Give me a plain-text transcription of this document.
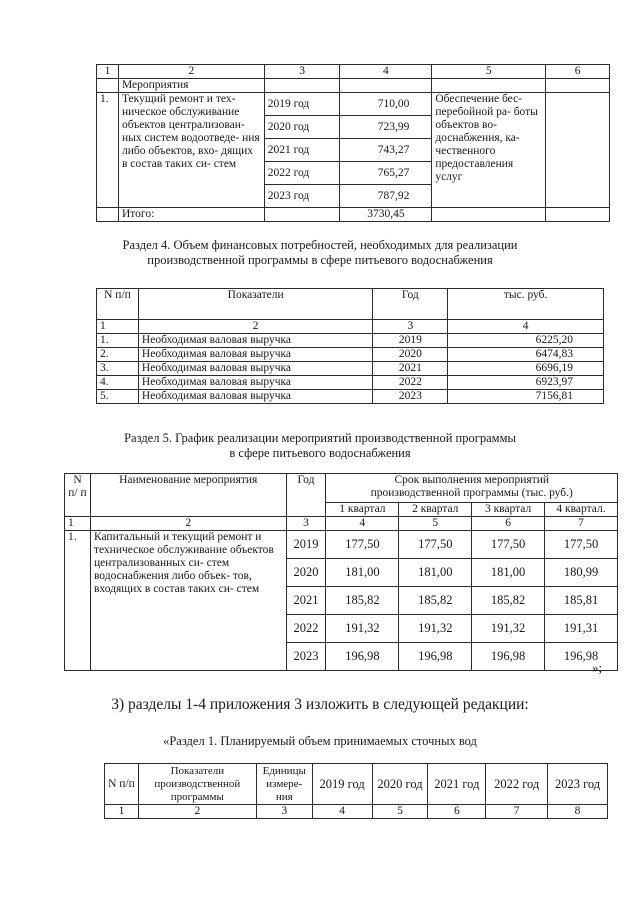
1	2	3	4	5	6
	Мероприятия				
1.	Текущий ремонт и тех- ническое обслуживание объектов централизован- ных систем водоотведе- ния либо объектов, вхо- дящих в состав таких си- стем	2019 год	710,00	Обеспечение бес- перебойной ра- боты объектов во- доснабжения, ка- чественного предоставления услуг	
		2020 год	723,99		
		2021 год	743,27		
		2022 год	765,27		
		2023 год	787,92		
	Итого:		3730,45		
Раздел 4. Объем финансовых потребностей, необходимых для реализации
производственной программы в сфере питьевого водоснабжения
N п/п	Показатели	Год	тыс. руб.
1	2	3	4
1.	Необходимая валовая выручка	2019	6225,20
2.	Необходимая валовая выручка	2020	6474,83
3.	Необходимая валовая выручка	2021	6696,19
4.	Необходимая валовая выручка	2022	6923,97
5.	Необходимая валовая выручка	2023	7156,81
Раздел 5. График реализации мероприятий производственной программы
в сфере питьевого водоснабжения
N п/ п	Наименование мероприятия	Год	Срок выполнения мероприятий производственной программы (тыс. руб.)			
			1 квартал	2 квартал	3 квартал	4 квартал.
1	2	3	4	5	6	7
1.	Капитальный и текущий ремонт и техническое обслуживание объектов централизованных си- стем водоснабжения либо объек- тов, входящих в состав таких си- стем	2019	177,50	177,50	177,50	177,50
		2020	181,00	181,00	181,00	180,99
		2021	185,82	185,82	185,82	185,81
		2022	191,32	191,32	191,32	191,31
		2023	196,98	196,98	196,98	196,98
»;
3) разделы 1-4 приложения 3 изложить в следующей редакции:
«Раздел 1. Планируемый объем принимаемых сточных вод
N п/п	Показатели производственной программы	Единицы измере- ния	2019 год	2020 год	2021 год	2022 год	2023 год
1	2	3	4	5	6	7	8
